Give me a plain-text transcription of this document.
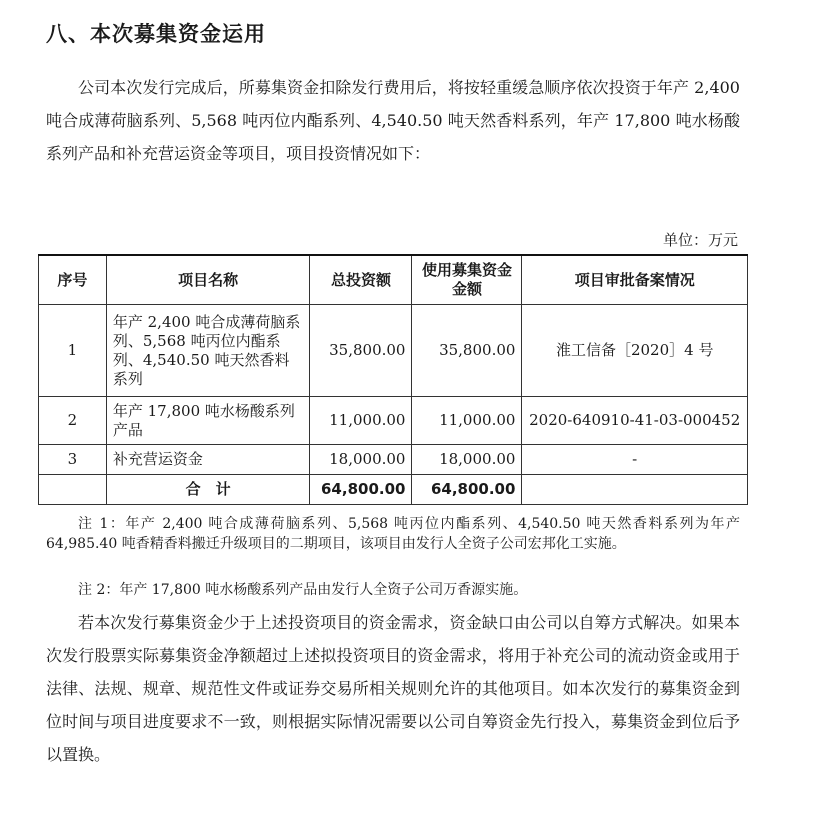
八、本次募集资金运用

公司本次发行完成后，所募集资金扣除发行费用后，将按轻重缓急顺序依次投资于年产 2,400 吨合成薄荷脑系列、5,568 吨丙位内酯系列、4,540.50 吨天然香料系列，年产 17,800 吨水杨酸系列产品和补充营运资金等项目，项目投资情况如下：

单位：万元
序号	项目名称	总投资额	使用募集资金金额	项目审批备案情况
1	年产 2,400 吨合成薄荷脑系列、5,568 吨丙位内酯系列、4,540.50 吨天然香料系列	35,800.00	35,800.00	淮工信备［2020］4 号
2	年产 17,800 吨水杨酸系列产品	11,000.00	11,000.00	2020-640910-41-03-000452
3	补充营运资金	18,000.00	18,000.00	-
	合　计	64,800.00	64,800.00	

注 1：年产 2,400 吨合成薄荷脑系列、5,568 吨丙位内酯系列、4,540.50 吨天然香料系列为年产 64,985.40 吨香精香料搬迁升级项目的二期项目，该项目由发行人全资子公司宏邦化工实施。

注 2：年产 17,800 吨水杨酸系列产品由发行人全资子公司万香源实施。

若本次发行募集资金少于上述投资项目的资金需求，资金缺口由公司以自筹方式解决。如果本次发行股票实际募集资金净额超过上述拟投资项目的资金需求，将用于补充公司的流动资金或用于法律、法规、规章、规范性文件或证券交易所相关规则允许的其他项目。如本次发行的募集资金到位时间与项目进度要求不一致，则根据实际情况需要以公司自筹资金先行投入，募集资金到位后予以置换。
